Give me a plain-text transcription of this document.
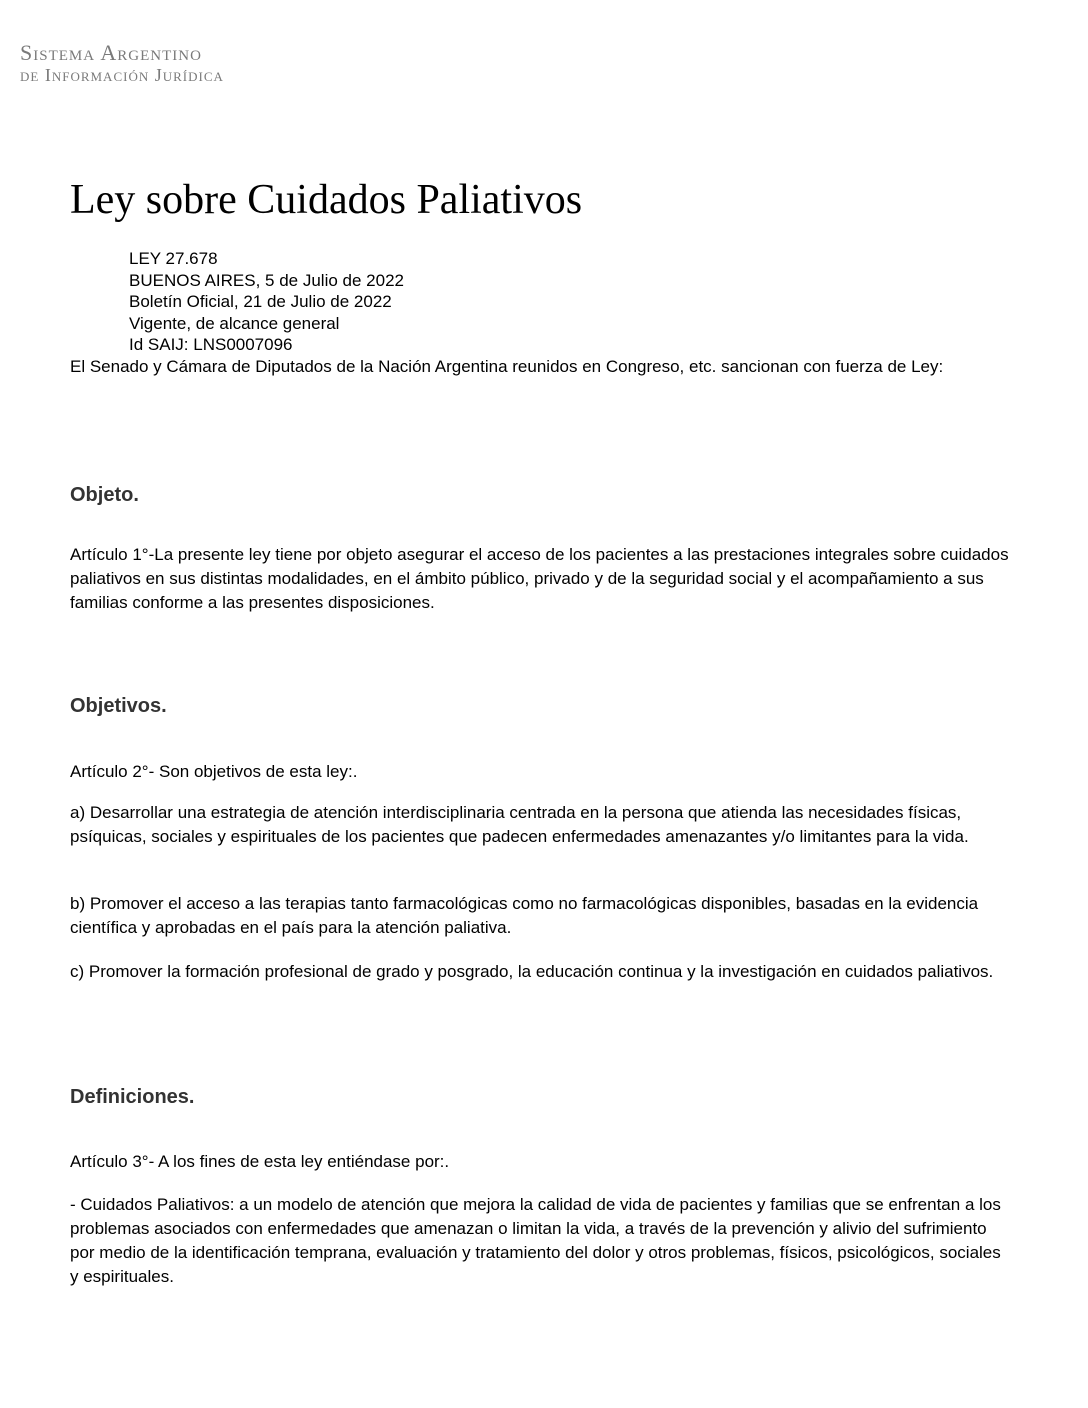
Sistema Argentino
de Información Jurídica
Ley sobre Cuidados Paliativos
LEY 27.678
BUENOS AIRES, 5 de Julio de 2022
Boletín Oficial, 21 de Julio de 2022
Vigente, de alcance general
Id SAIJ: LNS0007096

El Senado y Cámara de Diputados de la Nación Argentina reunidos en Congreso, etc. sancionan con fuerza de Ley:

Objeto.

Artículo 1°-La presente ley tiene por objeto asegurar el acceso de los pacientes a las prestaciones integrales sobre cuidados paliativos en sus distintas modalidades, en el ámbito público, privado y de la seguridad social y el acompañamiento a sus familias conforme a las presentes disposiciones.

Objetivos.

Artículo 2°- Son objetivos de esta ley:.

a) Desarrollar una estrategia de atención interdisciplinaria centrada en la persona que atienda las necesidades físicas, psíquicas, sociales y espirituales de los pacientes que padecen enfermedades amenazantes y/o limitantes para la vida.

b) Promover el acceso a las terapias tanto farmacológicas como no farmacológicas disponibles, basadas en la evidencia científica y aprobadas en el país para la atención paliativa.

c) Promover la formación profesional de grado y posgrado, la educación continua y la investigación en cuidados paliativos.

Definiciones.

Artículo 3°- A los fines de esta ley entiéndase por:.

- Cuidados Paliativos: a un modelo de atención que mejora la calidad de vida de pacientes y familias que se enfrentan a los problemas asociados con enfermedades que amenazan o limitan la vida, a través de la prevención y alivio del sufrimiento por medio de la identificación temprana, evaluación y tratamiento del dolor y otros problemas, físicos, psicológicos, sociales y espirituales.
